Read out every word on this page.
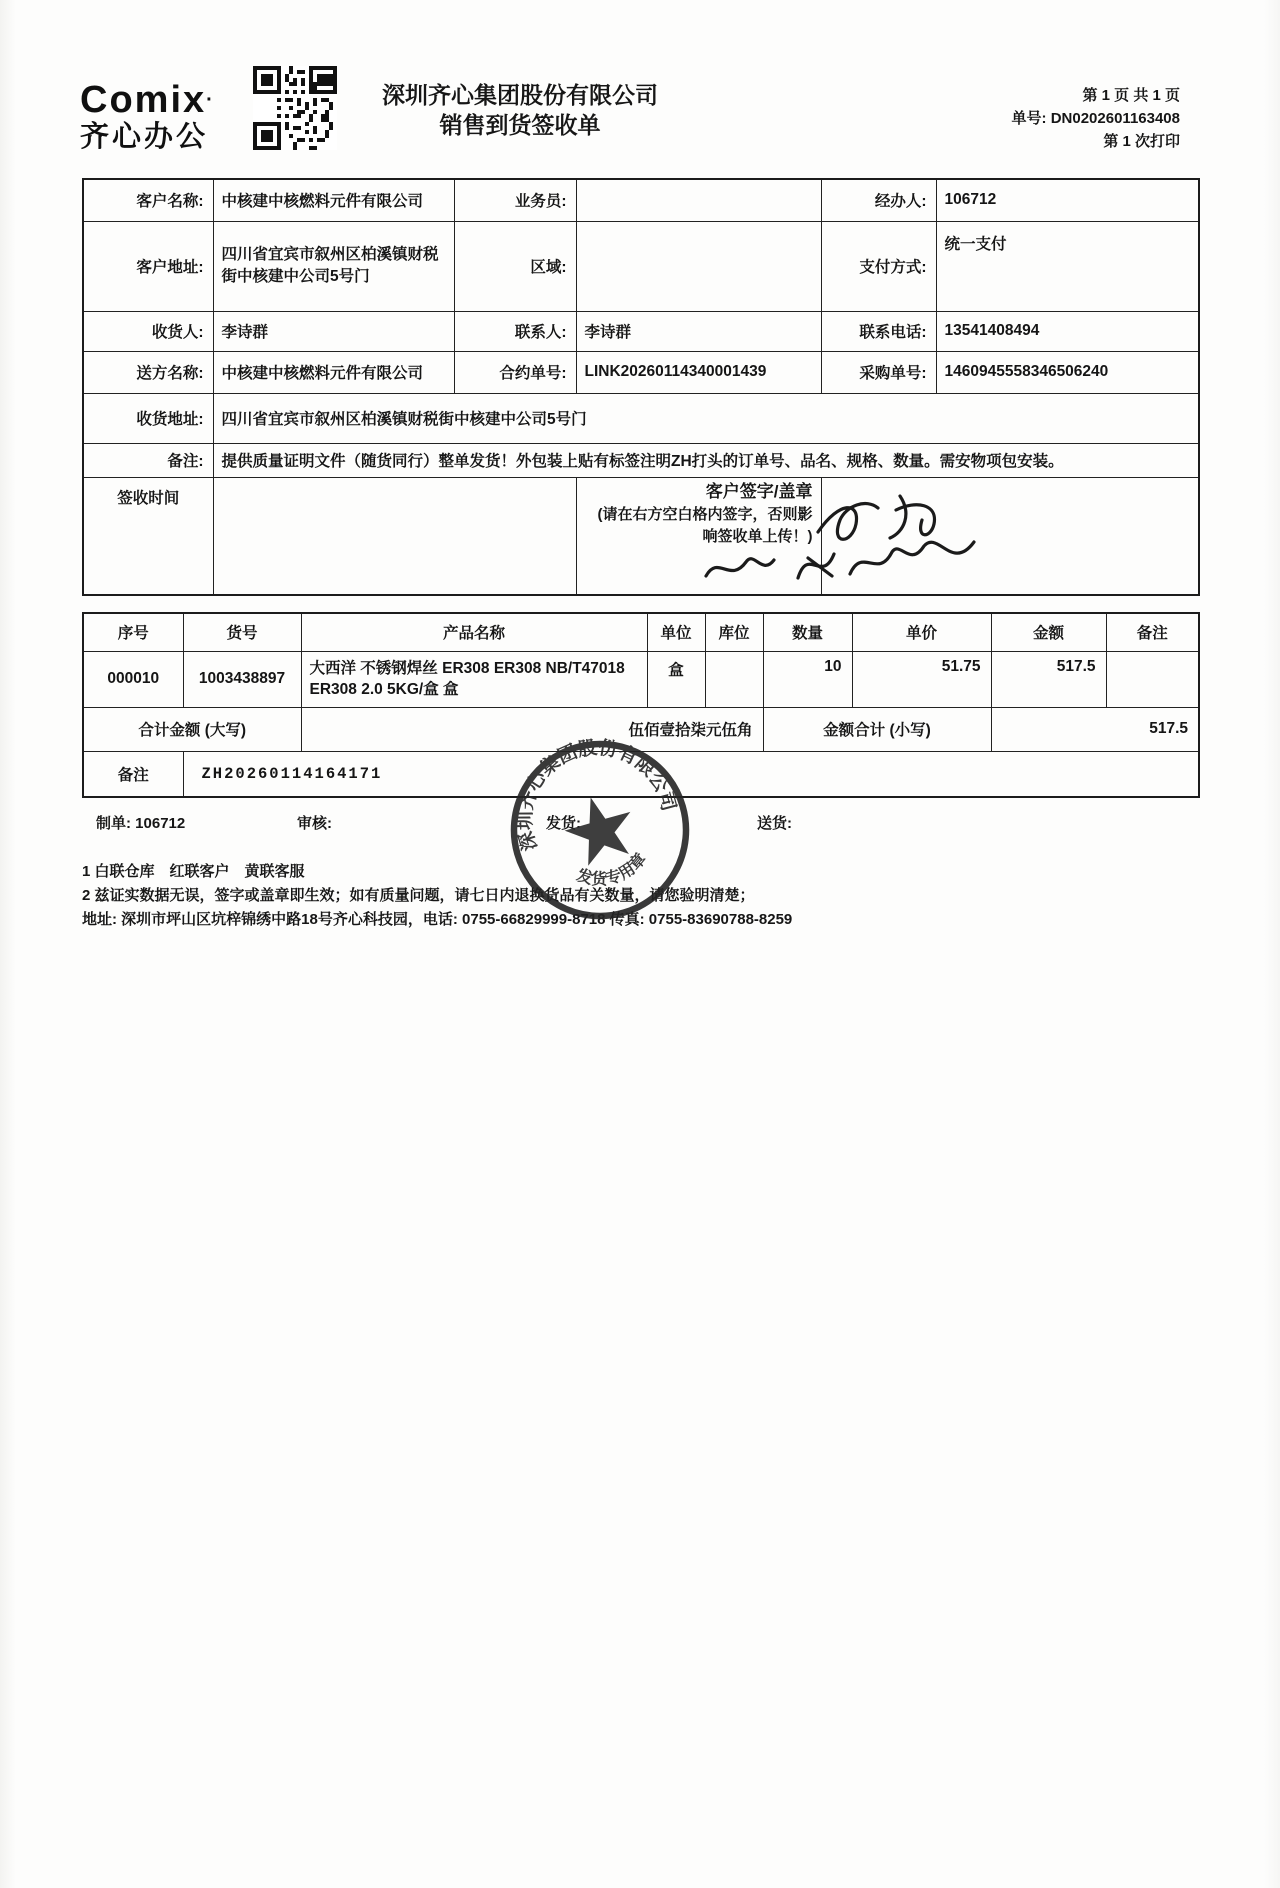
Comix·
齐心办公
深圳齐心集团股份有限公司
销售到货签收单
第 1 页 共 1 页
单号: DN0202601163408
第 1 次打印
客户名称:	中核建中核燃料元件有限公司	业务员:		经办人:	106712
客户地址:	四川省宜宾市叙州区柏溪镇财税街中核建中公司5号门	区域:		支付方式:	统一支付
收货人:	李诗群	联系人:	李诗群	联系电话:	13541408494
送方名称:	中核建中核燃料元件有限公司	合约单号:	LINK20260114340001439	采购单号:	1460945558346506240
收货地址:	四川省宜宾市叙州区柏溪镇财税街中核建中公司5号门				
备注:	提供质量证明文件（随货同行）整单发货！外包装上贴有标签注明ZH打头的订单号、品名、规格、数量。需安物项包安装。				
签收时间			客户签字/盖章
(请在右方空白格内签字，否则影响签收单上传！)		

序号	货号	产品名称	单位	库位	数量	单价	金额	备注
000010	1003438897	大西洋 不锈钢焊丝 ER308 ER308 NB/T47018 ER308 2.0 5KG/盒 盒	盒		10	51.75	517.5	
合计金额 (大写)		伍佰壹拾柒元伍角			金额合计 (小写)		517.5	
备注	ZH20260114164171							
制单: 106712	审核:	发货:	送货:
1 白联仓库　红联客户　黄联客服
2 兹证实数据无误，签字或盖章即生效；如有质量问题，请七日内退换货品有关数量，请您验明清楚；
地址: 深圳市坪山区坑梓锦绣中路18号齐心科技园，电话: 0755-66829999-8718 传真: 0755-83690788-8259
深圳齐心集团股份有限公司
发货专用章
